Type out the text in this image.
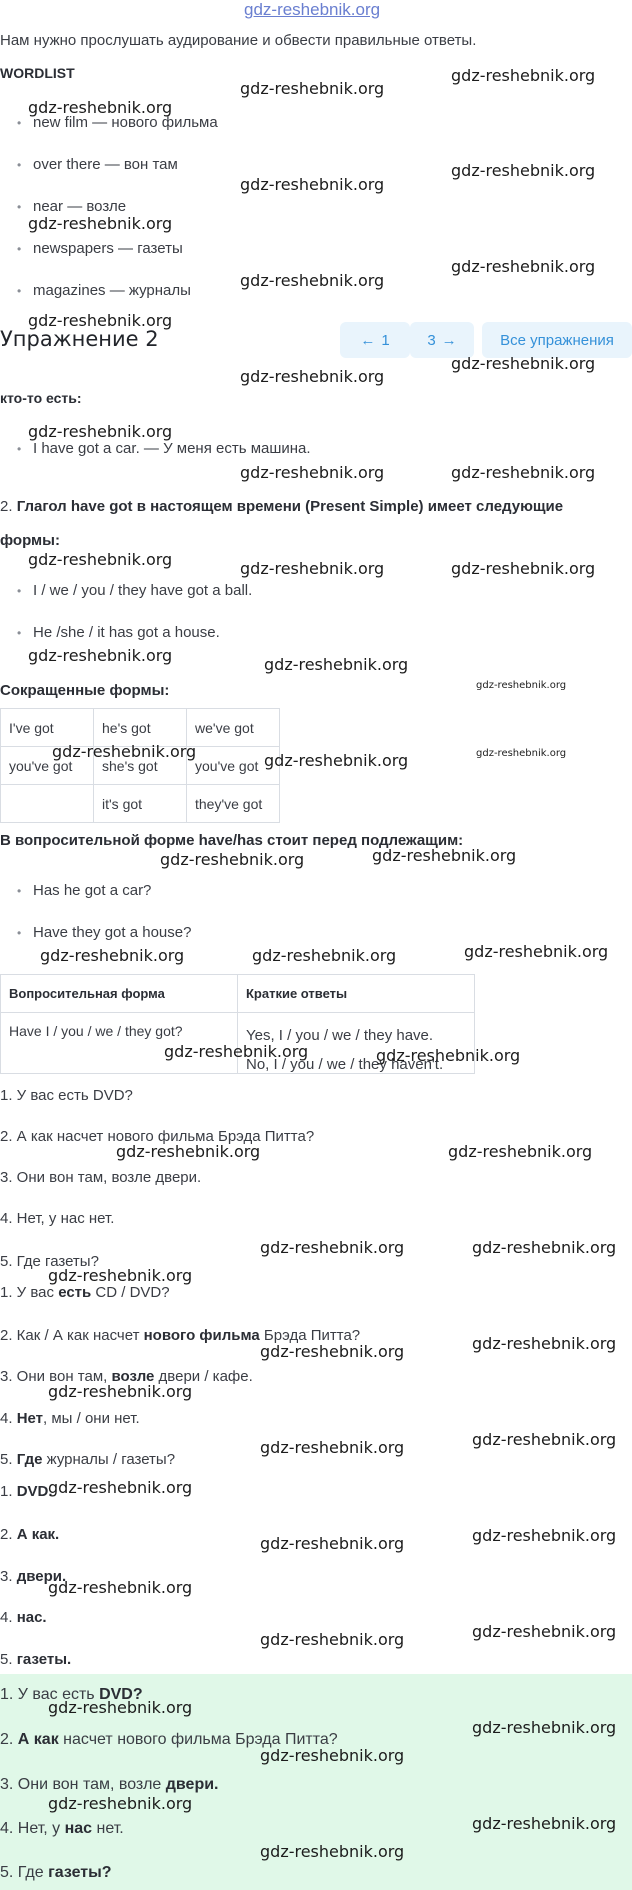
gdz-reshebnik.org
Нам нужно прослушать аудирование и обвести правильные ответы.
WORDLIST
• new film — нового фильма
• over there — вон там
• near — возле
• newspapers — газеты
• magazines — журналы
Упражнение 2	← 1	3 →	Все упражнения
кто-то есть:
• I have got a car. — У меня есть машина.
2. Глагол have got в настоящем времени (Present Simple) имеет следующие
формы:
• I / we / you / they have got a ball.
• He /she / it has got a house.
Сокращенные формы:
I've got	he's got	we've got
you've got	she's got	you've got
	it's got	they've got
В вопросительной форме have/has стоит перед подлежащим:
• Has he got a car?
• Have they got a house?
Вопросительная форма	Краткие ответы
Have I / you / we / they got?	Yes, I / you / we / they have.
No, I / you / we / they haven't.
1. У вас есть DVD?
2. А как насчет нового фильма Брэда Питта?
3. Они вон там, возле двери.
4. Нет, у нас нет.
5. Где газеты?
1. У вас есть CD / DVD?
2. Как / А как насчет нового фильма Брэда Питта?
3. Они вон там, возле двери / кафе.
4. Нет, мы / они нет.
5. Где журналы / газеты?
1. DVD.
2. А как.
3. двери.
4. нас.
5. газеты.
1. У вас есть DVD?
2. А как насчет нового фильма Брэда Питта?
3. Они вон там, возле двери.
4. Нет, у нас нет.
5. Где газеты?
gdz-reshebnik.org
gdz-reshebnik.org
gdz-reshebnik.org
gdz-reshebnik.org
gdz-reshebnik.org
gdz-reshebnik.org
gdz-reshebnik.org
gdz-reshebnik.org
gdz-reshebnik.org
gdz-reshebnik.org
gdz-reshebnik.org
gdz-reshebnik.org
gdz-reshebnik.org	gdz-reshebnik.org
gdz-reshebnik.org	gdz-reshebnik.org	gdz-reshebnik.org
gdz-reshebnik.org	gdz-reshebnik.org
gdz-reshebnik.org
gdz-reshebnik.org	gdz-reshebnik.org	gdz-reshebnik.org
gdz-reshebnik.org	gdz-reshebnik.org
gdz-reshebnik.org	gdz-reshebnik.org	gdz-reshebnik.org
gdz-reshebnik.org	gdz-reshebnik.org
gdz-reshebnik.org	gdz-reshebnik.org
gdz-reshebnik.org	gdz-reshebnik.org
gdz-reshebnik.org
gdz-reshebnik.org
gdz-reshebnik.org
gdz-reshebnik.org
gdz-reshebnik.org	gdz-reshebnik.org
gdz-reshebnik.org
gdz-reshebnik.org	gdz-reshebnik.org
gdz-reshebnik.org
gdz-reshebnik.org	gdz-reshebnik.org
gdz-reshebnik.org
gdz-reshebnik.org
gdz-reshebnik.org
gdz-reshebnik.org
gdz-reshebnik.org
gdz-reshebnik.org
